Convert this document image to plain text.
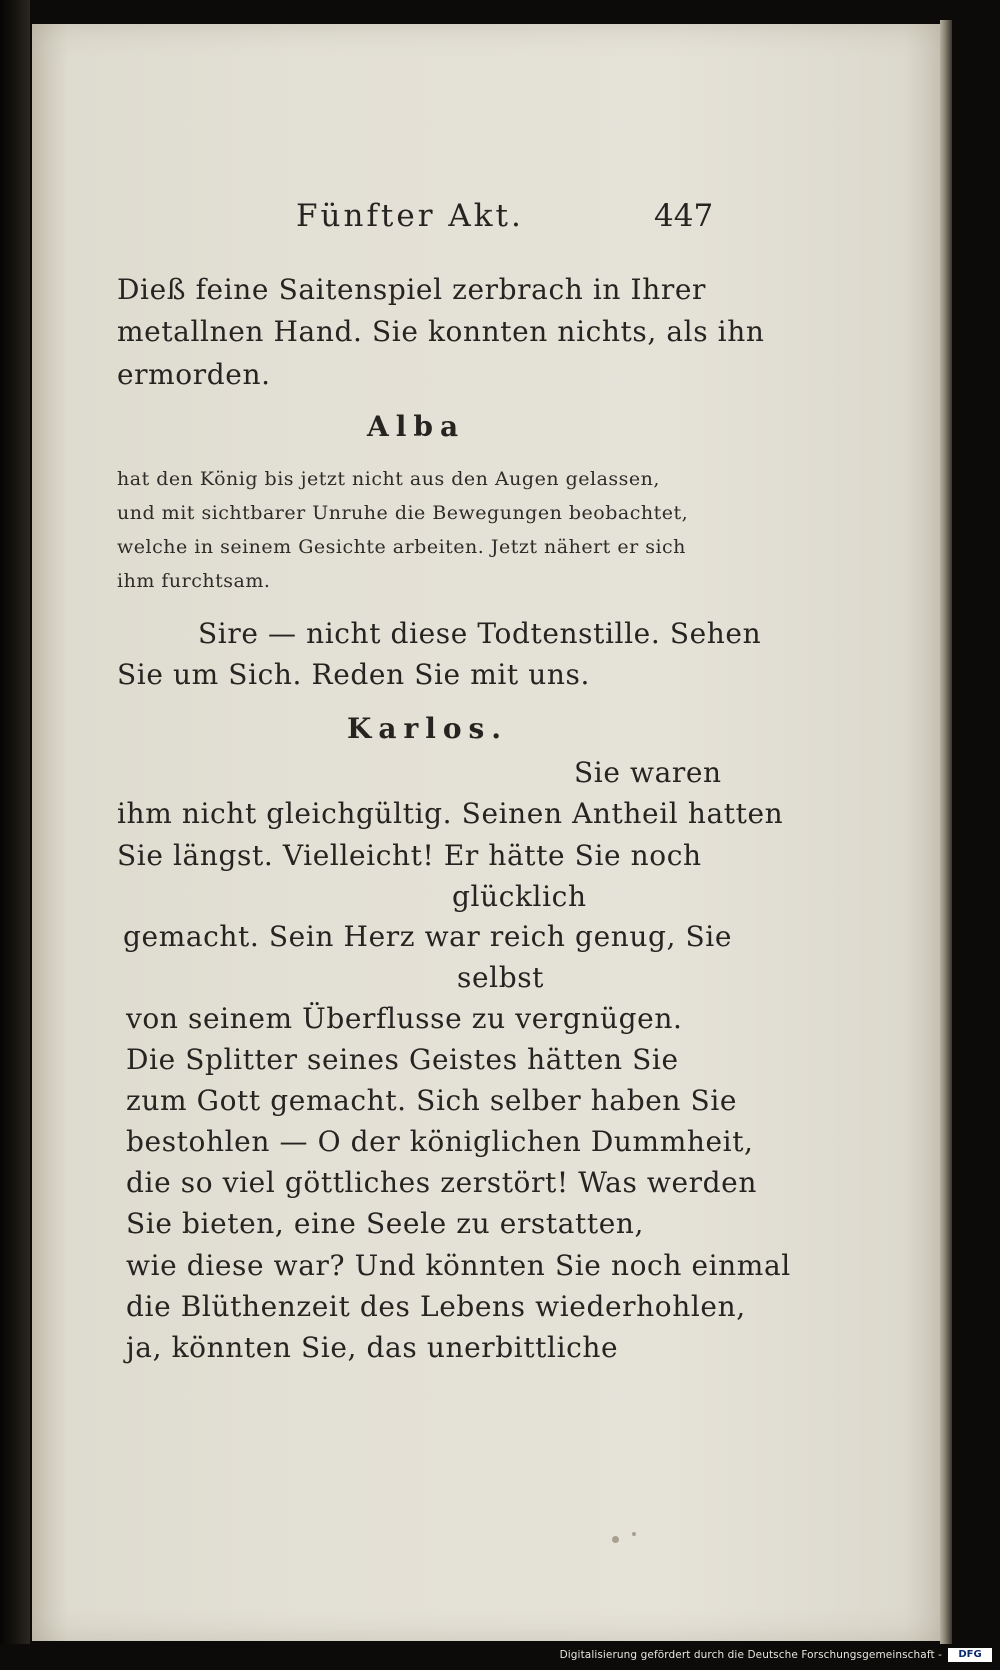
Fünfter Akt.	447
Dieß feine Saitenspiel zerbrach in Ihrer
metallnen Hand. Sie konnten nichts, als ihn
ermorden.
Alba
hat den König bis jetzt nicht aus den Augen gelassen,
und mit sichtbarer Unruhe die Bewegungen beobachtet,
welche in seinem Gesichte arbeiten. Jetzt nähert er sich
ihm furchtsam.
Sire — nicht diese Todtenstille. Sehen
Sie um Sich. Reden Sie mit uns.
Karlos.
Sie waren
ihm nicht gleichgültig. Seinen Antheil hatten
Sie längst. Vielleicht! Er hätte Sie noch
glücklich
gemacht. Sein Herz war reich genug, Sie
selbst
von seinem Überflusse zu vergnügen.
Die Splitter seines Geistes hätten Sie
zum Gott gemacht. Sich selber haben Sie
bestohlen — O der königlichen Dummheit,
die so viel göttliches zerstört! Was werden
Sie bieten, eine Seele zu erstatten,
wie diese war? Und könnten Sie noch einmal
die Blüthenzeit des Lebens wiederhohlen,
ja, könnten Sie, das unerbittliche
Digitalisierung gefördert durch die Deutsche Forschungsgemeinschaft -	DFG
